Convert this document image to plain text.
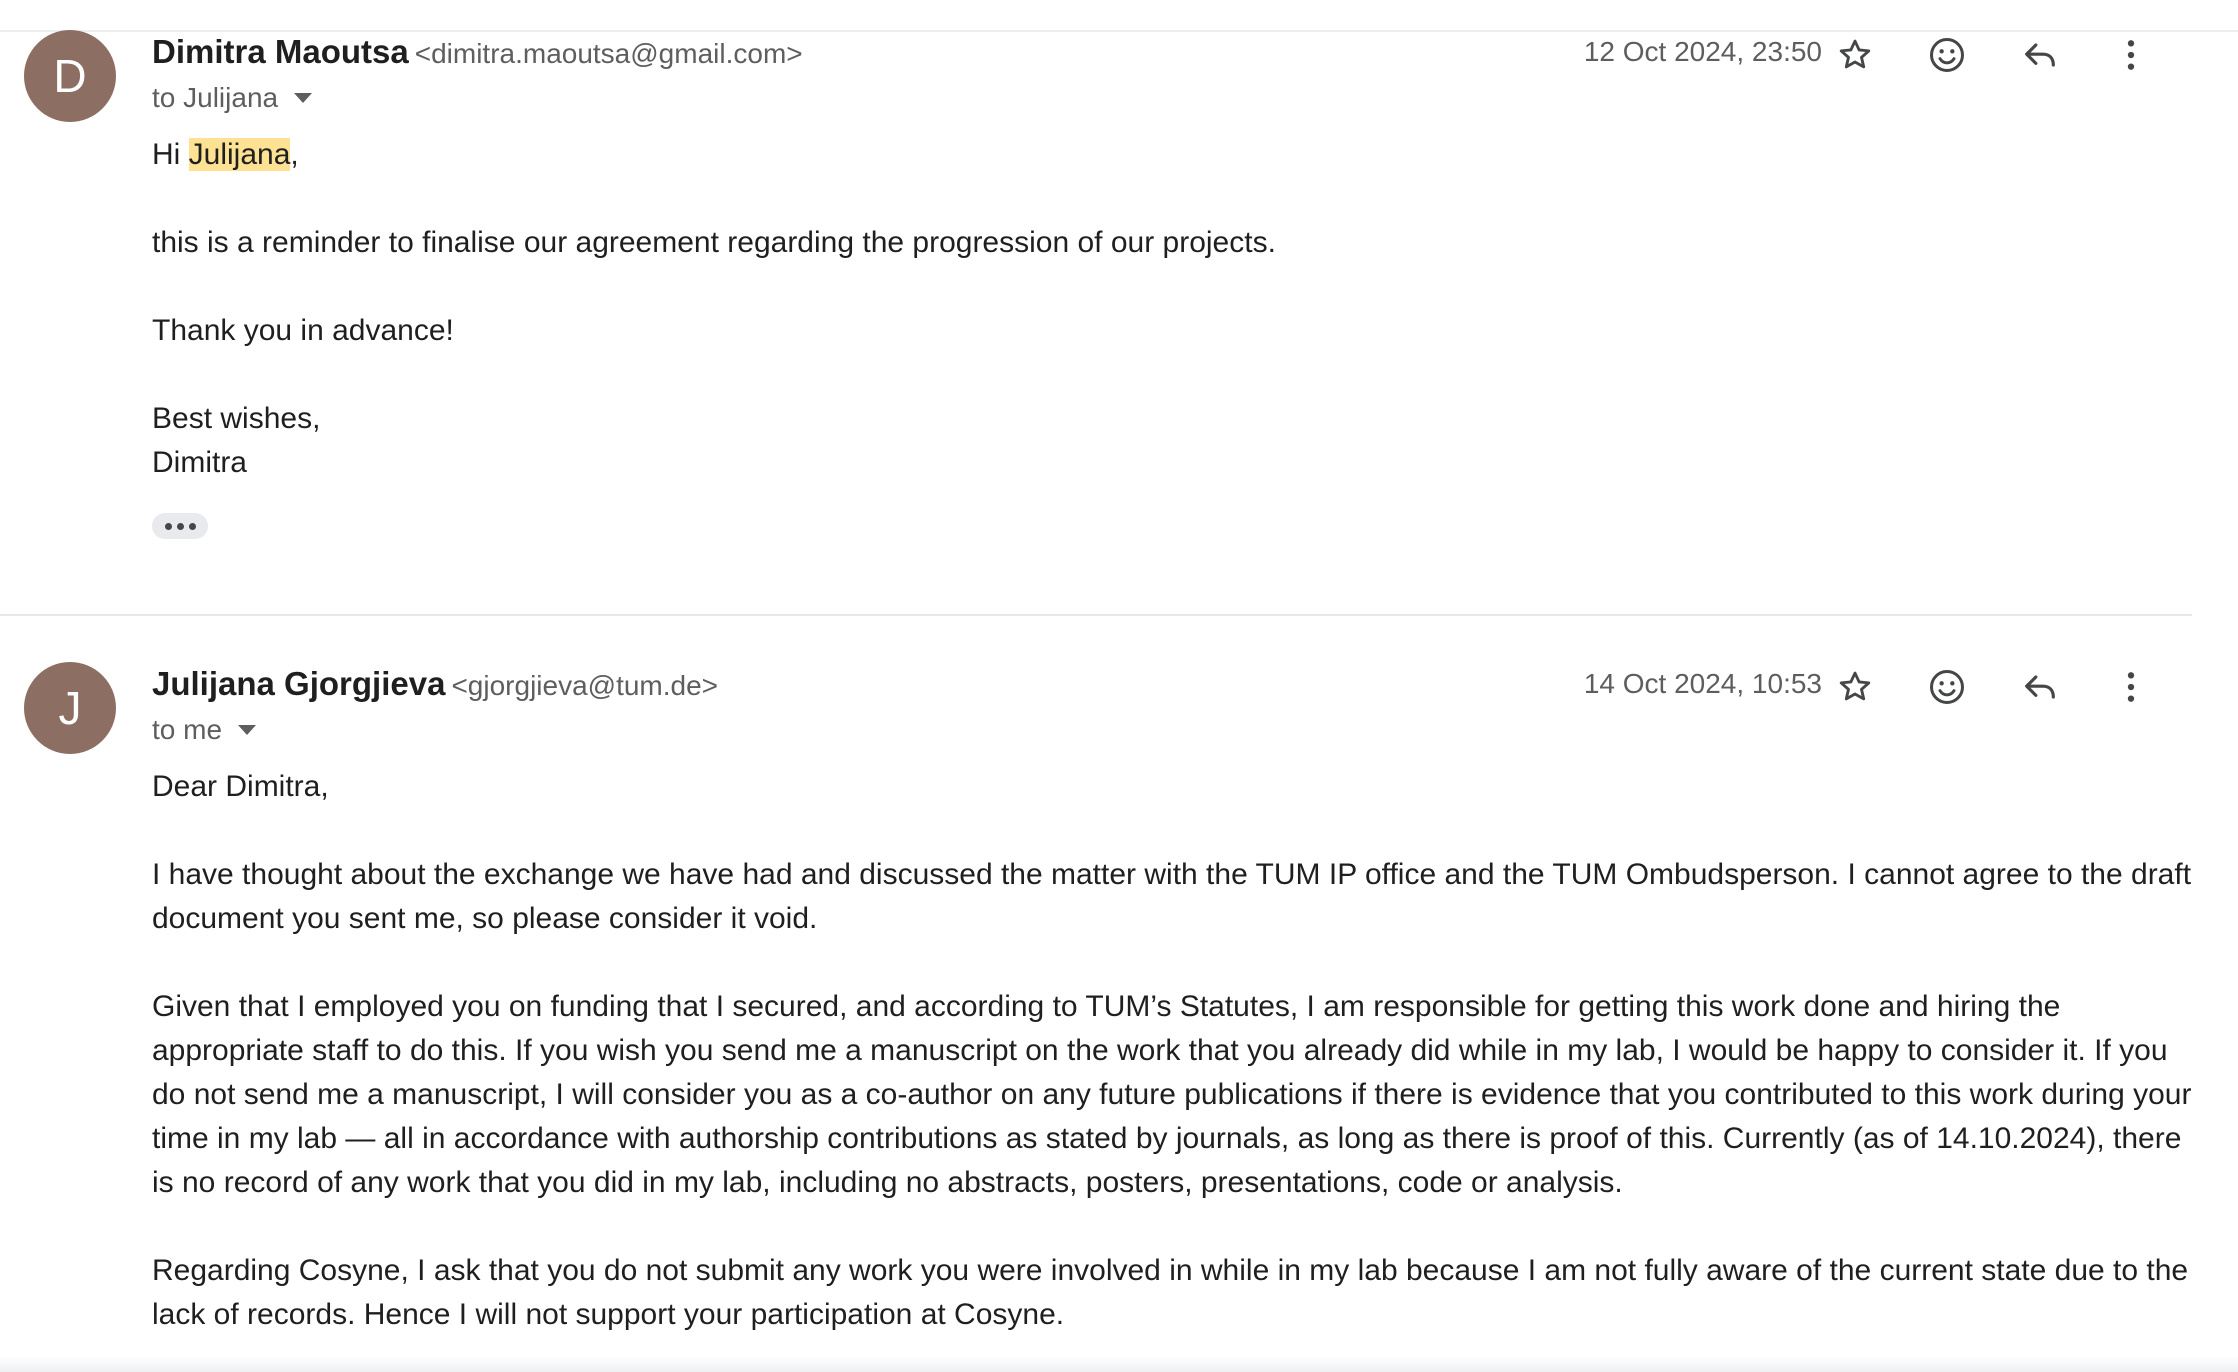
D	Dimitra Maoutsa <dimitra.maoutsa@gmail.com>
to Julijana
12 Oct 2024, 23:50

Hi Julijana,

this is a reminder to finalise our agreement regarding the progression of our projects.

Thank you in advance!

Best wishes,

Dimitra

J	Julijana Gjorgjieva <gjorgjieva@tum.de>
to me
14 Oct 2024, 10:53

Dear Dimitra,

I have thought about the exchange we have had and discussed the matter with the TUM IP office and the TUM Ombudsperson. I cannot agree to the draft document you sent me, so please consider it void.

Given that I employed you on funding that I secured, and according to TUM’s Statutes, I am responsible for getting this work done and hiring the appropriate staff to do this. If you wish you send me a manuscript on the work that you already did while in my lab, I would be happy to consider it. If you do not send me a manuscript, I will consider you as a co-author on any future publications if there is evidence that you contributed to this work during your time in my lab — all in accordance with authorship contributions as stated by journals, as long as there is proof of this. Currently (as of 14.10.2024), there is no record of any work that you did in my lab, including no abstracts, posters, presentations, code or analysis.

Regarding Cosyne, I ask that you do not submit any work you were involved in while in my lab because I am not fully aware of the current state due to the lack of records. Hence I will not support your participation at Cosyne.
